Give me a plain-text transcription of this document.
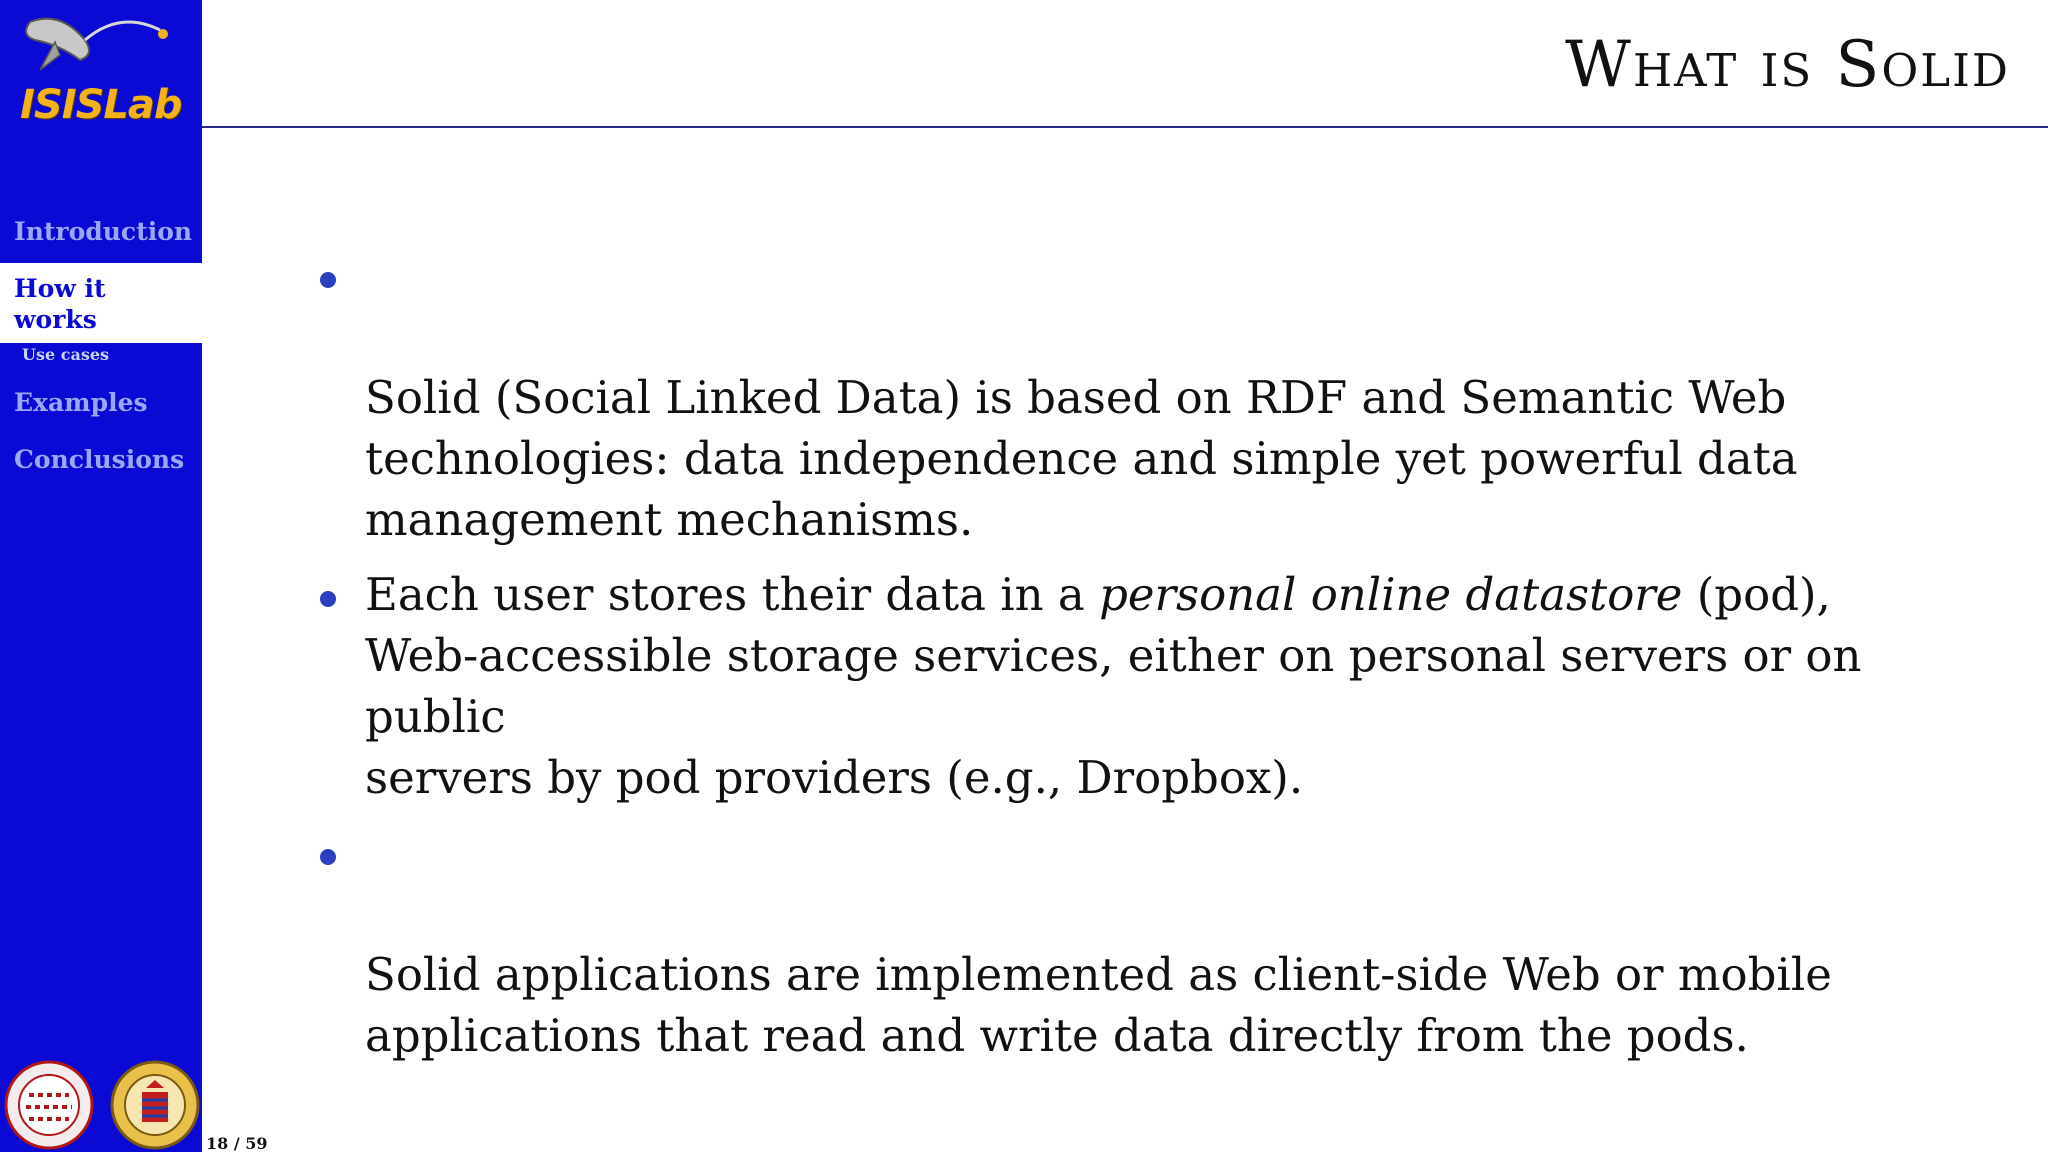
ISISLab
Introduction
How it
works
Use cases
Examples
Conclusions
What is Solid

Solid (Social Linked Data) is based on RDF and Semantic Web
technologies: data independence and simple yet powerful data
management mechanisms.

Each user stores their data in a personal online datastore (pod),
Web-accessible storage services, either on personal servers or on public
servers by pod providers (e.g., Dropbox).

Solid applications are implemented as client-side Web or mobile
applications that read and write data directly from the pods.

18 / 59
